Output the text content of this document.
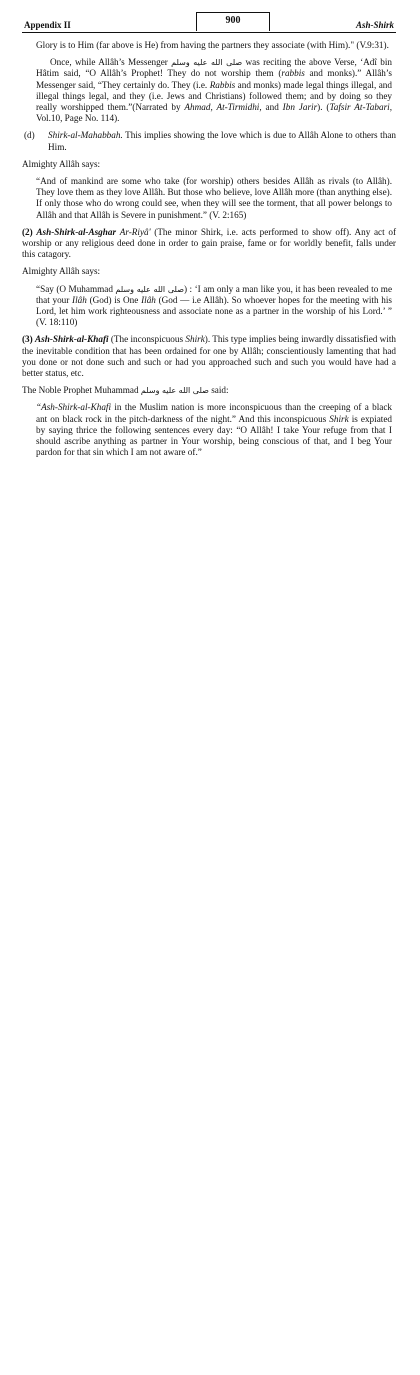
Appendix II	900	Ash-Shirk

Glory is to Him (far above is He) from having the partners they associate (with Him)." (V.9:31).

Once, while Allâh’s Messenger صلى الله عليه وسلم was reciting the above Verse, ‘Adî bin Hâtim said, “O Allâh’s Prophet! They do not worship them (rabbis and monks).” Allâh’s Messenger said, “They certainly do. They (i.e. Rabbis and monks) made legal things illegal, and illegal things legal, and they (i.e. Jews and Christians) followed them; and by doing so they really worshipped them.”(Narrated by Ahmad, At-Tirmidhi, and Ibn Jarir). (Tafsir At-Tabari, Vol.10, Page No. 114).

(d) Shirk-al-Mahabbah. This implies showing the love which is due to Allâh Alone to others than Him.

Almighty Allâh says:

“And of mankind are some who take (for worship) others besides Allâh as rivals (to Allâh). They love them as they love Allâh. But those who believe, love Allâh more (than anything else). If only those who do wrong could see, when they will see the torment, that all power belongs to Allâh and that Allâh is Severe in punishment.” (V. 2:165)

(2) Ash-Shirk-al-Asghar Ar-Riyâ' (The minor Shirk, i.e. acts performed to show off). Any act of worship or any religious deed done in order to gain praise, fame or for worldly benefit, falls under this catagory.

Almighty Allâh says:

“Say (O Muhammad صلى الله عليه وسلم) : ‘I am only a man like you, it has been revealed to me that your Ilâh (God) is One Ilâh (God — i.e Allâh). So whoever hopes for the meeting with his Lord, let him work righteousness and associate none as a partner in the worship of his Lord.’ ” (V. 18:110)

(3) Ash-Shirk-al-Khafi (The inconspicuous Shirk). This type implies being inwardly dissatisfied with the inevitable condition that has been ordained for one by Allâh; conscientiously lamenting that had you done or not done such and such or had you approached such and such you would have had a better status, etc.

The Noble Prophet Muhammad صلى الله عليه وسلم said:

“Ash-Shirk-al-Khafi in the Muslim nation is more inconspicuous than the creeping of a black ant on black rock in the pitch-darkness of the night.” And this inconspicuous Shirk is expiated by saying thrice the following sentences every day: “O Allâh! I take Your refuge from that I should ascribe anything as partner in Your worship, being conscious of that, and I beg Your pardon for that sin which I am not aware of.”
